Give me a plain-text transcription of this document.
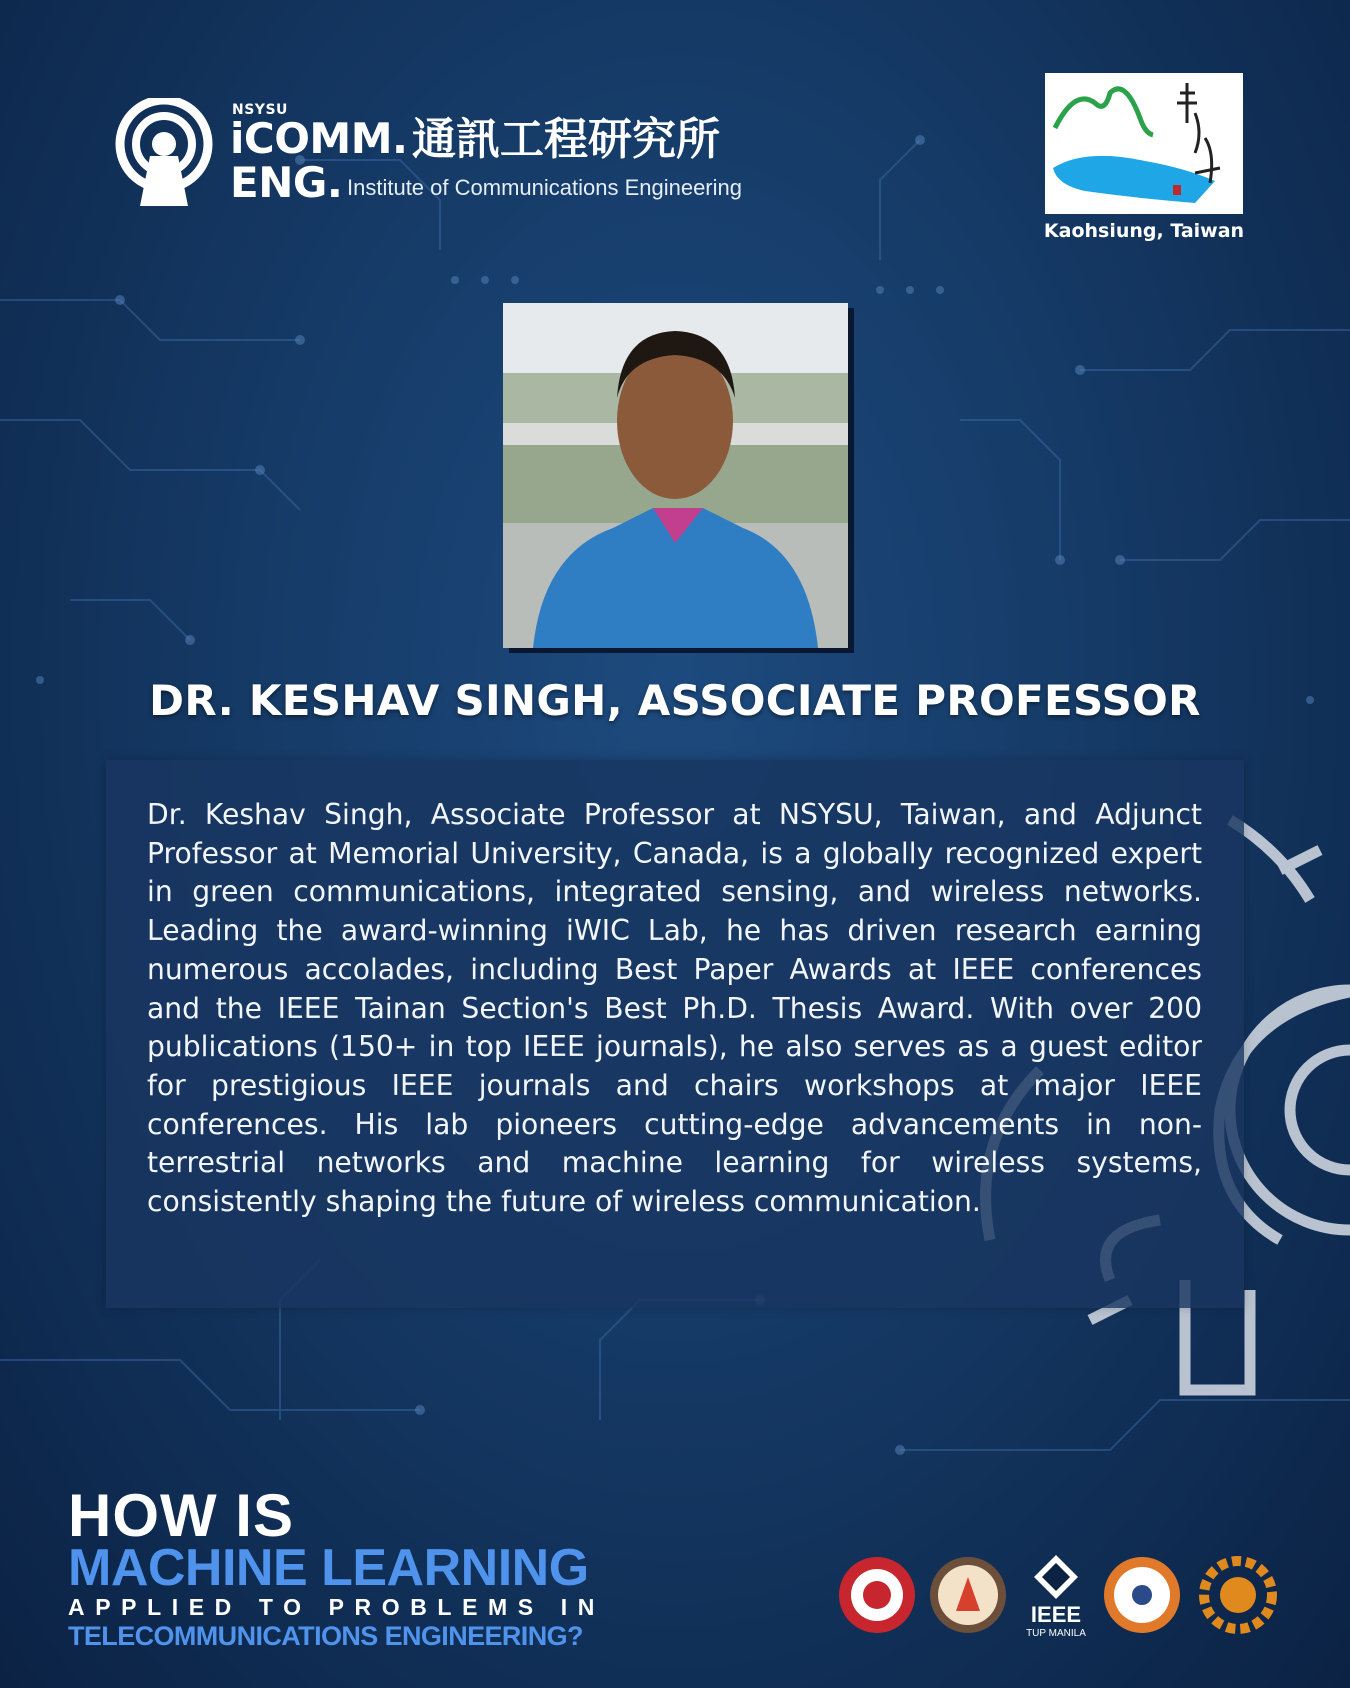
NSYSU
iCOMM.
ENG.
通訊工程研究所
Institute of Communications Engineering
Kaohsiung, Taiwan
DR. KESHAV SINGH, ASSOCIATE PROFESSOR
Dr. Keshav Singh, Associate Professor at NSYSU, Taiwan, and Adjunct Professor at Memorial University, Canada, is a globally recognized expert in green communications, integrated sensing, and wireless networks. Leading the award-winning iWIC Lab, he has driven research earning numerous accolades, including Best Paper Awards at IEEE conferences and the IEEE Tainan Section's Best Ph.D. Thesis Award. With over 200 publications (150+ in top IEEE journals), he also serves as a guest editor for prestigious IEEE journals and chairs workshops at major IEEE conferences. His lab pioneers cutting-edge advancements in non-terrestrial networks and machine learning for wireless systems, consistently shaping the future of wireless communication.
HOW IS
MACHINE LEARNING
APPLIED TO PROBLEMS IN
TELECOMMUNICATIONS ENGINEERING?
IEEE
TUP MANILA
